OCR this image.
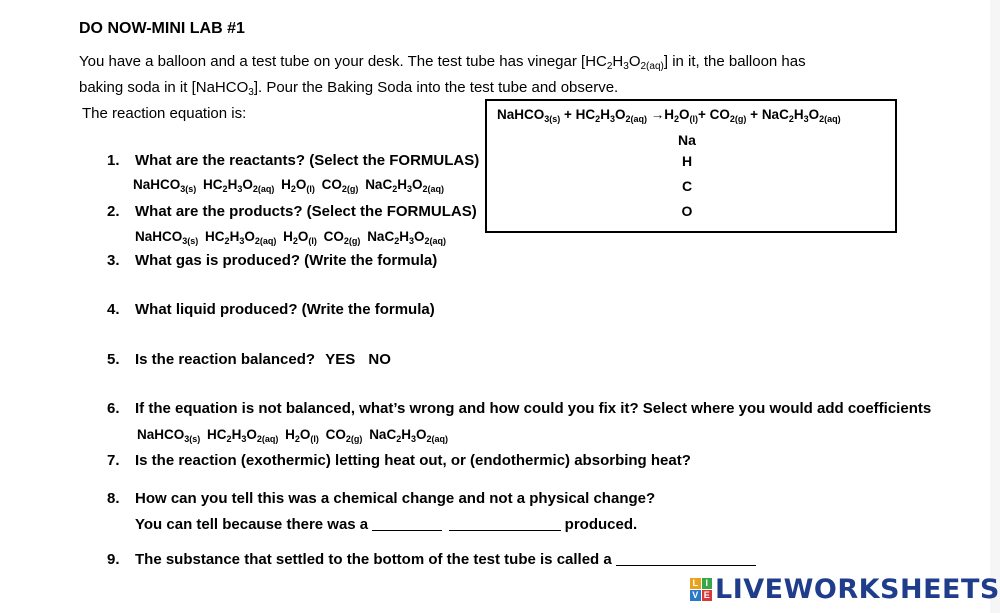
DO NOW-MINI LAB #1
You have a balloon and a test tube on your desk. The test tube has vinegar $[HC_2H_3O_{2(aq)}]$ in it, the balloon has
baking soda in it [NaHCO$_3$]. Pour the Baking Soda into the test tube and observe.
The reaction equation is:	NaHCO$_{3(s)}$ + $HC_2H_3O_{2(aq)} \to H_2O_{(l)}+ CO_{2(g)} + NaC_2H_3O_{2(aq)}$
Na
H
C
O
1. What are the reactants? (Select the FORMULAS)
NaHCO$_{3(s)}$ $HC_2H_3O_{2(aq)}$ $H_2O_{(l)}$ $CO_{2(g)}$ $NaC_2H_3O_{2(aq)}$
2. What are the products? (Select the FORMULAS)
NaHCO$_{3(s)}$ $HC_2H_3O_{2(aq)}$ $H_2O_{(l)}$ $CO_{2(g)}$ $NaC_2H_3O_{2(aq)}$
3. What gas is produced? (Write the formula)
4. What liquid produced? (Write the formula)
5. Is the reaction balanced? YES NO
6. If the equation is not balanced, what’s wrong and how could you fix it? Select where you would add coefficients
NaHCO$_{3(s)}$ $HC_2H_3O_{2(aq)}$ $H_2O_{(l)}$ $CO_{2(g)}$ $NaC_2H_3O_{2(aq)}$
7. Is the reaction (exothermic) letting heat out, or (endothermic) absorbing heat?
8. How can you tell this was a chemical change and not a physical change?
You can tell because there was a	produced.
9. The substance that settled to the bottom of the test tube is called a
L I
V E LIVEWORKSHEETS
